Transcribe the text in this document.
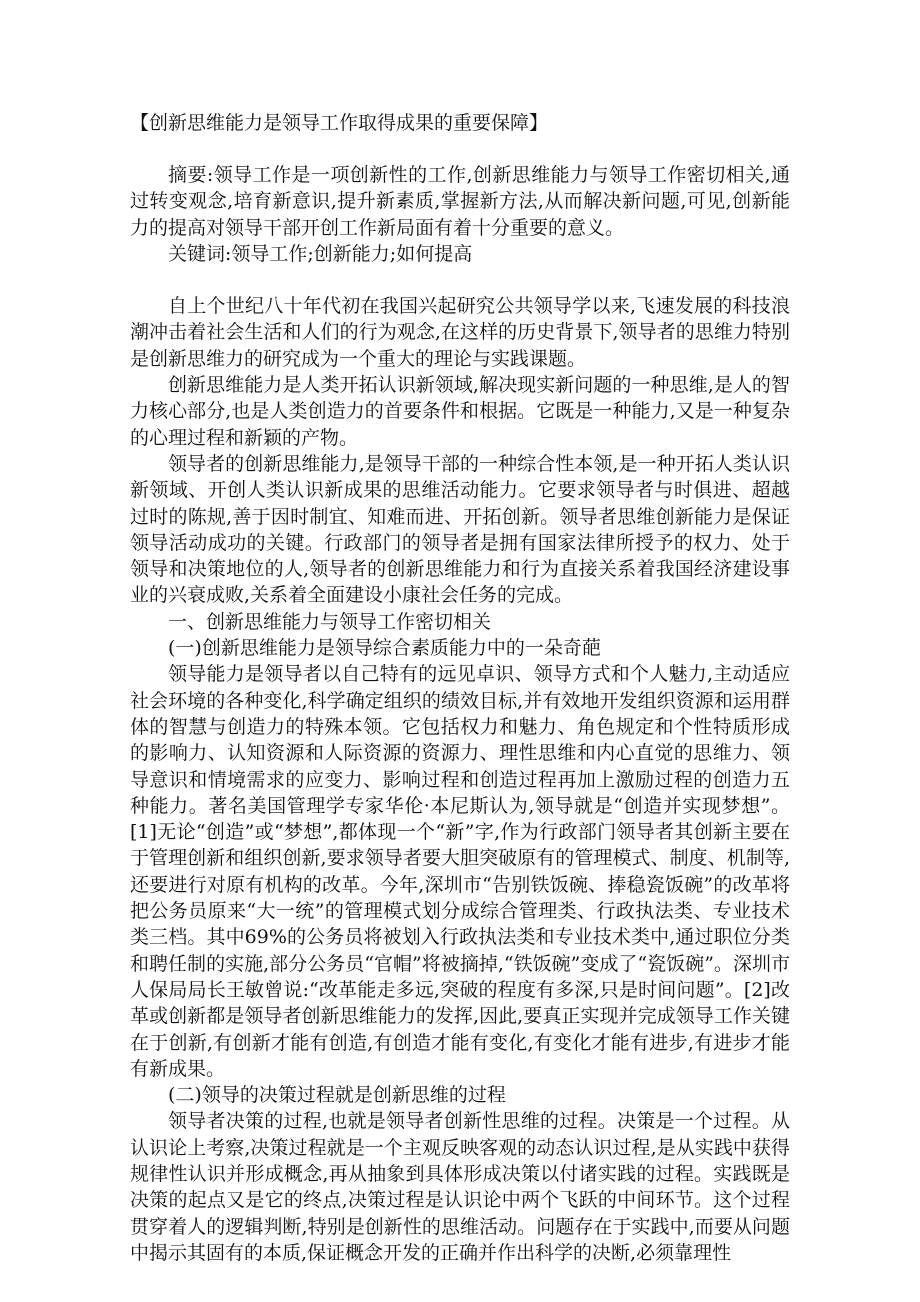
【创新思维能力是领导工作取得成果的重要保障】

摘要:领导工作是一项创新性的工作,创新思维能力与领导工作密切相关,通过转变观念,培育新意识,提升新素质,掌握新方法,从而解决新问题,可见,创新能力的提高对领导干部开创工作新局面有着十分重要的意义。

关键词:领导工作;创新能力;如何提高

自上个世纪八十年代初在我国兴起研究公共领导学以来,飞速发展的科技浪潮冲击着社会生活和人们的行为观念,在这样的历史背景下,领导者的思维力特别是创新思维力的研究成为一个重大的理论与实践课题。

创新思维能力是人类开拓认识新领域,解决现实新问题的一种思维,是人的智力核心部分,也是人类创造力的首要条件和根据。它既是一种能力,又是一种复杂的心理过程和新颖的产物。

领导者的创新思维能力,是领导干部的一种综合性本领,是一种开拓人类认识新领域、开创人类认识新成果的思维活动能力。它要求领导者与时俱进、超越过时的陈规,善于因时制宜、知难而进、开拓创新。领导者思维创新能力是保证领导活动成功的关键。行政部门的领导者是拥有国家法律所授予的权力、处于领导和决策地位的人,领导者的创新思维能力和行为直接关系着我国经济建设事业的兴衰成败,关系着全面建设小康社会任务的完成。

一、创新思维能力与领导工作密切相关

(一)创新思维能力是领导综合素质能力中的一朵奇葩

领导能力是领导者以自己特有的远见卓识、领导方式和个人魅力,主动适应社会环境的各种变化,科学确定组织的绩效目标,并有效地开发组织资源和运用群体的智慧与创造力的特殊本领。它包括权力和魅力、角色规定和个性特质形成的影响力、认知资源和人际资源的资源力、理性思维和内心直觉的思维力、领导意识和情境需求的应变力、影响过程和创造过程再加上激励过程的创造力五种能力。著名美国管理学专家华伦·本尼斯认为,领导就是“创造并实现梦想”。[1]无论“创造”或“梦想”,都体现一个“新”字,作为行政部门领导者其创新主要在于管理创新和组织创新,要求领导者要大胆突破原有的管理模式、制度、机制等,还要进行对原有机构的改革。今年,深圳市“告别铁饭碗、捧稳瓷饭碗”的改革将把公务员原来“大一统”的管理模式划分成综合管理类、行政执法类、专业技术类三档。其中69%的公务员将被划入行政执法类和专业技术类中,通过职位分类和聘任制的实施,部分公务员“官帽”将被摘掉,“铁饭碗”变成了“瓷饭碗”。深圳市人保局局长王敏曾说:“改革能走多远,突破的程度有多深,只是时间问题”。[2]改革或创新都是领导者创新思维能力的发挥,因此,要真正实现并完成领导工作关键在于创新,有创新才能有创造,有创造才能有变化,有变化才能有进步,有进步才能有新成果。

(二)领导的决策过程就是创新思维的过程

领导者决策的过程,也就是领导者创新性思维的过程。决策是一个过程。从认识论上考察,决策过程就是一个主观反映客观的动态认识过程,是从实践中获得规律性认识并形成概念,再从抽象到具体形成决策以付诸实践的过程。实践既是决策的起点又是它的终点,决策过程是认识论中两个飞跃的中间环节。这个过程贯穿着人的逻辑判断,特别是创新性的思维活动。问题存在于实践中,而要从问题中揭示其固有的本质,保证概念开发的正确并作出科学的决断,必须靠理性
